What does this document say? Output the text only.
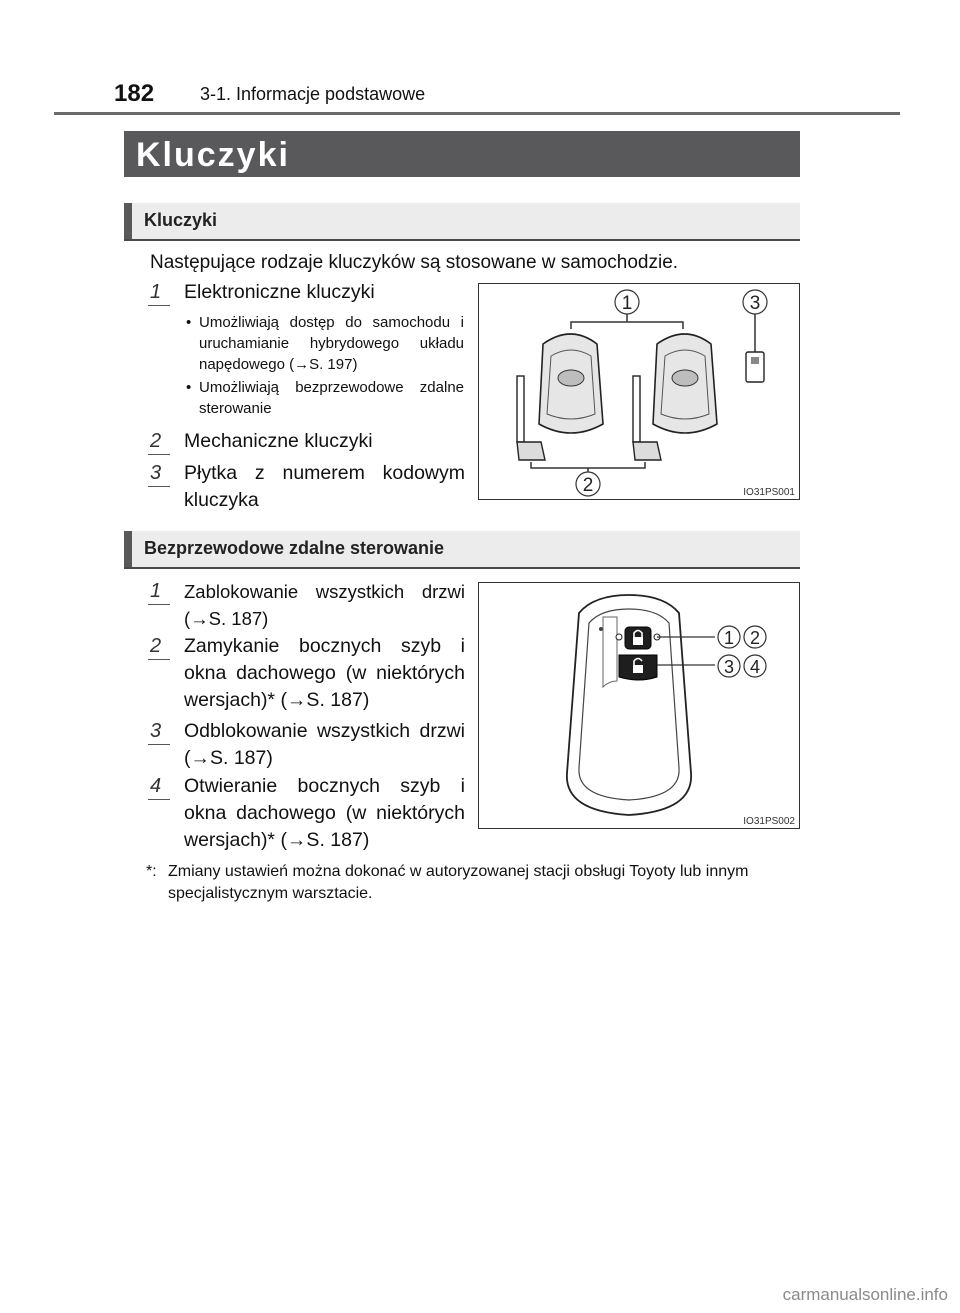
182	3-1. Informacje podstawowe
Kluczyki
Kluczyki
Następujące rodzaje kluczyków są stosowane w samochodzie.
1	Elektroniczne kluczyki
• Umożliwiają dostęp do samochodu i uruchamianie hybrydowego układu napędowego (→S. 197)
• Umożliwiają bezprzewodowe zdalne sterowanie
2	Mechaniczne kluczyki
3	Płytka z numerem kodowym kluczyka
1	3
2	IO31PS001
Bezprzewodowe zdalne sterowanie
1	Zablokowanie wszystkich drzwi (→S. 187)
2	Zamykanie bocznych szyb i okna dachowego (w niektórych wersjach)* (→S. 187)
3	Odblokowanie wszystkich drzwi (→S. 187)
4	Otwieranie bocznych szyb i okna dachowego (w niektórych wersjach)* (→S. 187)
1 2
3 4
IO31PS002
*: Zmiany ustawień można dokonać w autoryzowanej stacji obsługi Toyoty lub innym specjalistycznym warsztacie.
carmanualsonline.info
